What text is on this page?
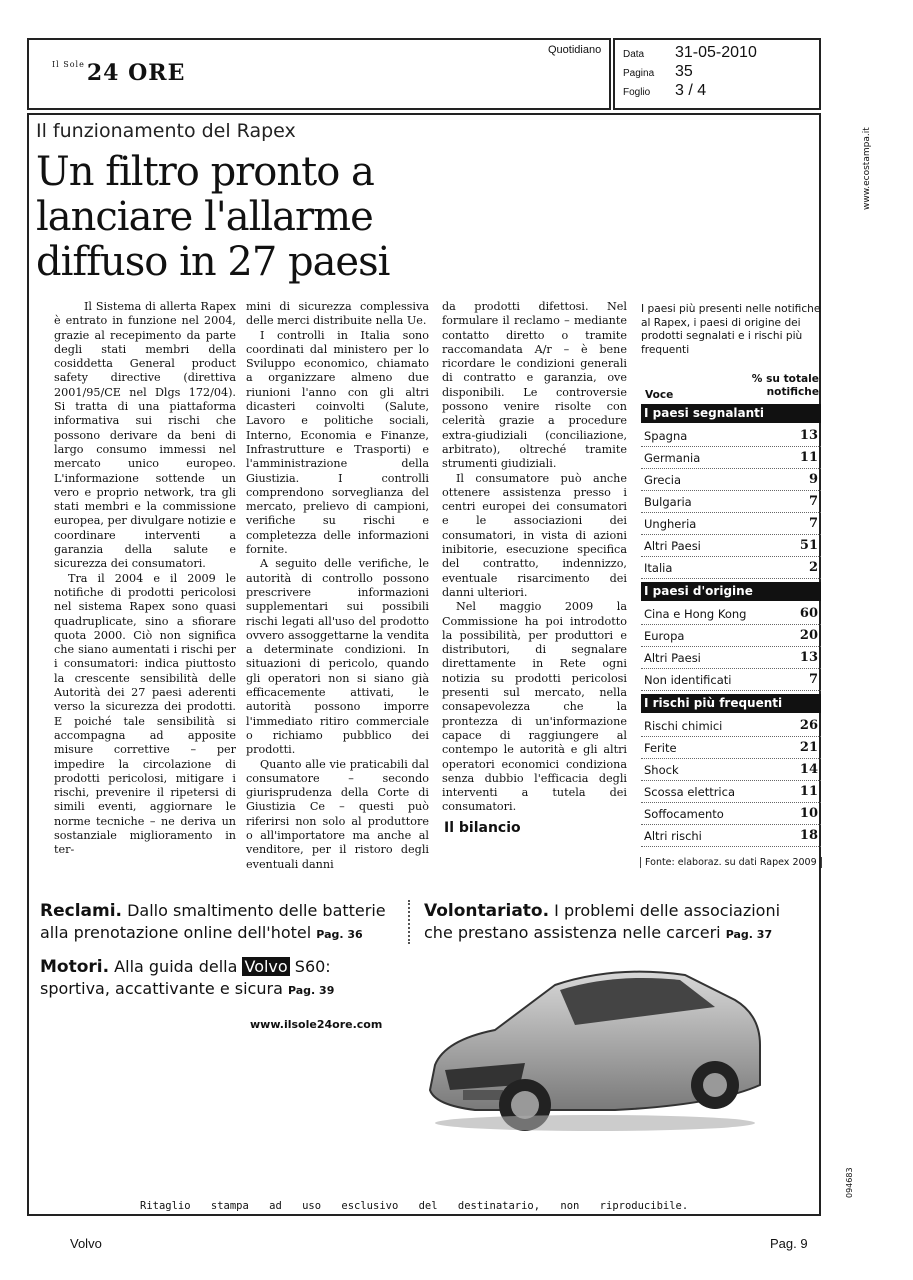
$^{Il Sole}$24 ORE
Quotidiano Data 31-05-2010
Pagina 35
Foglio 3 / 4
www.ecostampa.it
094683
Il funzionamento del Rapex
Un filtro pronto a lanciare l'allarme diffuso in 27 paesi

Il Sistema di allerta Rapex è entrato in funzione nel 2004, grazie al recepimento da parte degli stati membri della cosiddetta General product safety directive (direttiva 2001/95/CE nel Dlgs 172/04). Si tratta di una piattaforma informativa sui rischi che possono derivare da beni di largo consumo immessi nel mercato unico europeo. L'informazione sottende un vero e proprio network, tra gli stati membri e la commissione europea, per divulgare notizie e coordinare interventi a garanzia della salute e sicurezza dei consumatori.

Tra il 2004 e il 2009 le notifiche di prodotti pericolosi nel sistema Rapex sono quasi quadruplicate, sino a sfiorare quota 2000. Ciò non significa che siano aumentati i rischi per i consumatori: indica piuttosto la crescente sensibilità delle Autorità dei 27 paesi aderenti verso la sicurezza dei prodotti. E poiché tale sensibilità si accompagna ad apposite misure correttive – per impedire la circolazione di prodotti pericolosi, mitigare i rischi, prevenire il ripetersi di simili eventi, aggiornare le norme tecniche – ne deriva un sostanziale miglioramento in ter-

mini di sicurezza complessiva delle merci distribuite nella Ue.

I controlli in Italia sono coordinati dal ministero per lo Sviluppo economico, chiamato a organizzare almeno due riunioni l'anno con gli altri dicasteri coinvolti (Salute, Lavoro e politiche sociali, Interno, Economia e Finanze, Infrastrutture e Trasporti) e l'amministrazione della Giustizia. I controlli comprendono sorveglianza del mercato, prelievo di campioni, verifiche su rischi e completezza delle informazioni fornite.

A seguito delle verifiche, le autorità di controllo possono prescrivere informazioni supplementari sui possibili rischi legati all'uso del prodotto ovvero assoggettarne la vendita a determinate condizioni. In situazioni di pericolo, quando gli operatori non si siano già efficacemente attivati, le autorità possono imporre l'immediato ritiro commerciale o richiamo pubblico dei prodotti.

Quanto alle vie praticabili dal consumatore – secondo giurisprudenza della Corte di Giustizia Ce – questi può riferirsi non solo al produttore o all'importatore ma anche al venditore, per il ristoro degli eventuali danni

da prodotti difettosi. Nel formulare il reclamo – mediante contatto diretto o tramite raccomandata A/r – è bene ricordare le condizioni generali di contratto e garanzia, ove disponibili. Le controversie possono venire risolte con celerità grazie a procedure extra-giudiziali (conciliazione, arbitrato), oltreché tramite strumenti giudiziali.

Il consumatore può anche ottenere assistenza presso i centri europei dei consumatori e le associazioni dei consumatori, in vista di azioni inibitorie, esecuzione specifica del contratto, indennizzo, eventuale risarcimento dei danni ulteriori.

Nel maggio 2009 la Commissione ha poi introdotto la possibilità, per produttori e distributori, di segnalare direttamente in Rete ogni notizia su prodotti pericolosi presenti sul mercato, nella consapevolezza che la prontezza di un'informazione capace di raggiungere al contempo le autorità e gli altri operatori economici condiziona senza dubbio l'efficacia degli interventi a tutela dei consumatori.

Il bilancio
I paesi più presenti nelle notifiche al Rapex, i paesi di origine dei prodotti segnalati e i rischi più frequenti
Voce
% su totale
notifiche
I paesi segnalanti
Spagna	13
Germania	11
Grecia	9
Bulgaria	7
Ungheria	7
Altri Paesi	51
Italia	2
I paesi d'origine
Cina e Hong Kong	60
Europa	20
Altri Paesi	13
Non identificati	7
I rischi più frequenti
Rischi chimici	26
Ferite	21
Shock	14
Scossa elettrica	11
Soffocamento	10
Altri rischi	18
Fonte: elaboraz. su dati Rapex 2009
Reclami. Dallo smaltimento delle batterie
alla prenotazione online dell'hotel Pag. 36
Volontariato. I problemi delle associazioni
che prestano assistenza nelle carceri Pag. 37
Motori. Alla guida della Volvo S60:
sportiva, accattivante e sicura Pag. 39
www.ilsole24ore.com
Ritaglio stampa ad uso esclusivo del destinatario, non riproducibile.
Volvo	Pag. 9
